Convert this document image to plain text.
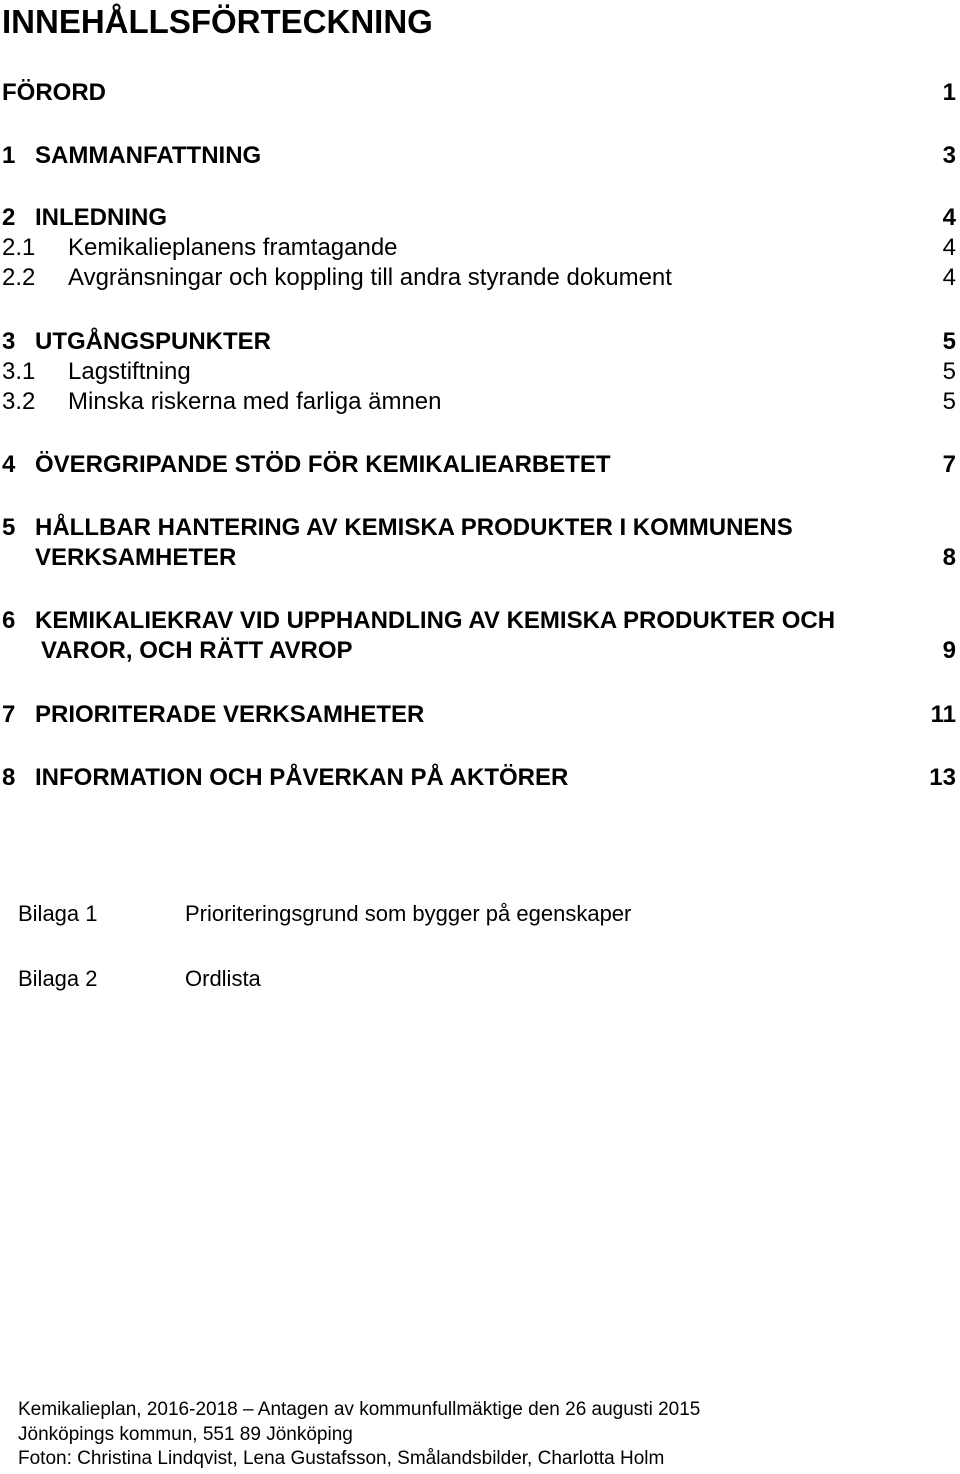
INNEHÅLLSFÖRTECKNING
FÖRORD	1
1 SAMMANFATTNING	3
2 INLEDNING	4
2.1 Kemikalieplanens framtagande	4
2.2 Avgränsningar och koppling till andra styrande dokument	4
3 UTGÅNGSPUNKTER	5
3.1 Lagstiftning	5
3.2 Minska riskerna med farliga ämnen	5
4 ÖVERGRIPANDE STÖD FÖR KEMIKALIEARBETET	7
5 HÅLLBAR HANTERING AV KEMISKA PRODUKTER I KOMMUNENS
VERKSAMHETER	8
6 KEMIKALIEKRAV VID UPPHANDLING AV KEMISKA PRODUKTER OCH
VAROR, OCH RÄTT AVROP	9
7 PRIORITERADE VERKSAMHETER	11
8 INFORMATION OCH PÅVERKAN PÅ AKTÖRER	13
Bilaga 1	Prioriteringsgrund som bygger på egenskaper
Bilaga 2	Ordlista
Kemikalieplan, 2016-2018 – Antagen av kommunfullmäktige den 26 augusti 2015
Jönköpings kommun, 551 89 Jönköping
Foton: Christina Lindqvist, Lena Gustafsson, Smålandsbilder, Charlotta Holm
